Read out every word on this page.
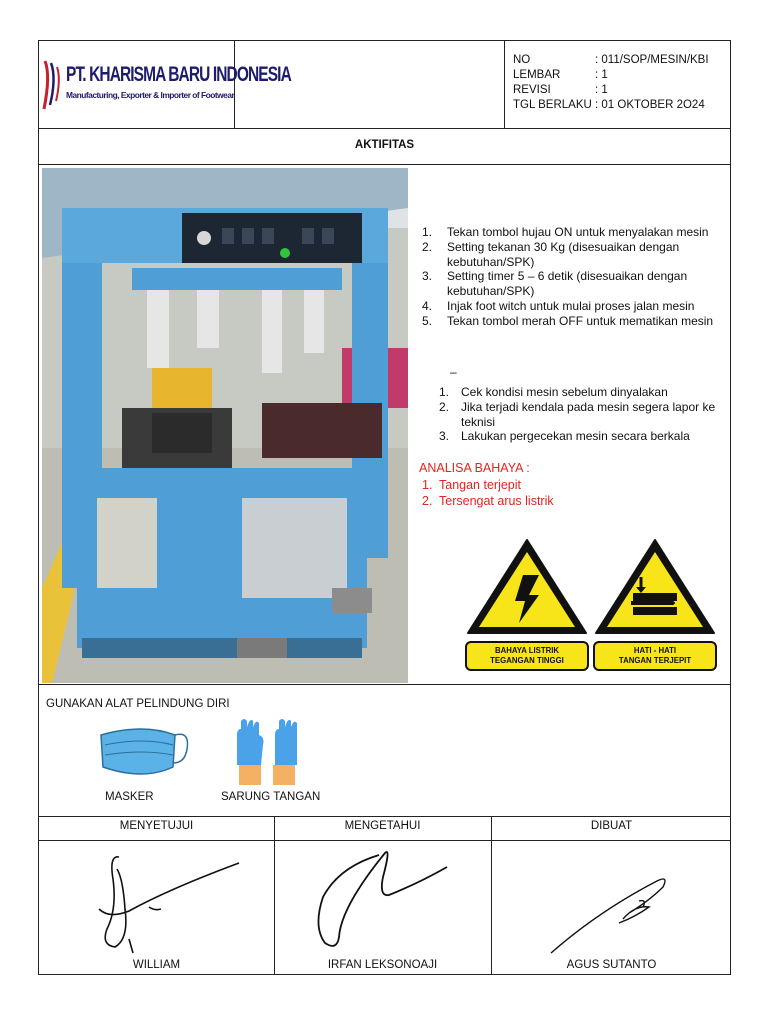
PT. KHARISMA BARU INDONESIA
Manufacturing, Exporter & Importer of Footwear
NO	: 011/SOP/MESIN/KBI
LEMBAR	: 1
REVISI	: 1
TGL BERLAKU : 01 OKTOBER 2O24
AKTIFITAS
1.	Tekan tombol hujau ON untuk menyalakan mesin
2.	Setting tekanan 30 Kg (disesuaikan dengan kebutuhan/SPK)
3.	Setting timer 5 – 6 detik (disesuaikan dengan kebutuhan/SPK)
4.	Injak foot witch untuk mulai proses jalan mesin
5.	Tekan tombol merah OFF untuk mematikan mesin
–
1. Cek kondisi mesin sebelum dinyalakan
2. Jika terjadi kendala pada mesin segera lapor ke teknisi
3. Lakukan pergecekan mesin secara berkala
ANALISA BAHAYA :
1. Tangan terjepit
2. Tersengat arus listrik
BAHAYA LISTRIK
TEGANGAN TINGGI
HATI - HATI
TANGAN TERJEPIT
GUNAKAN ALAT PELINDUNG DIRI
MASKER	SARUNG TANGAN
MENYETUJUI	MENGETAHUI	DIBUAT
WILLIAM	IRFAN LEKSONOAJI	AGUS SUTANTO
